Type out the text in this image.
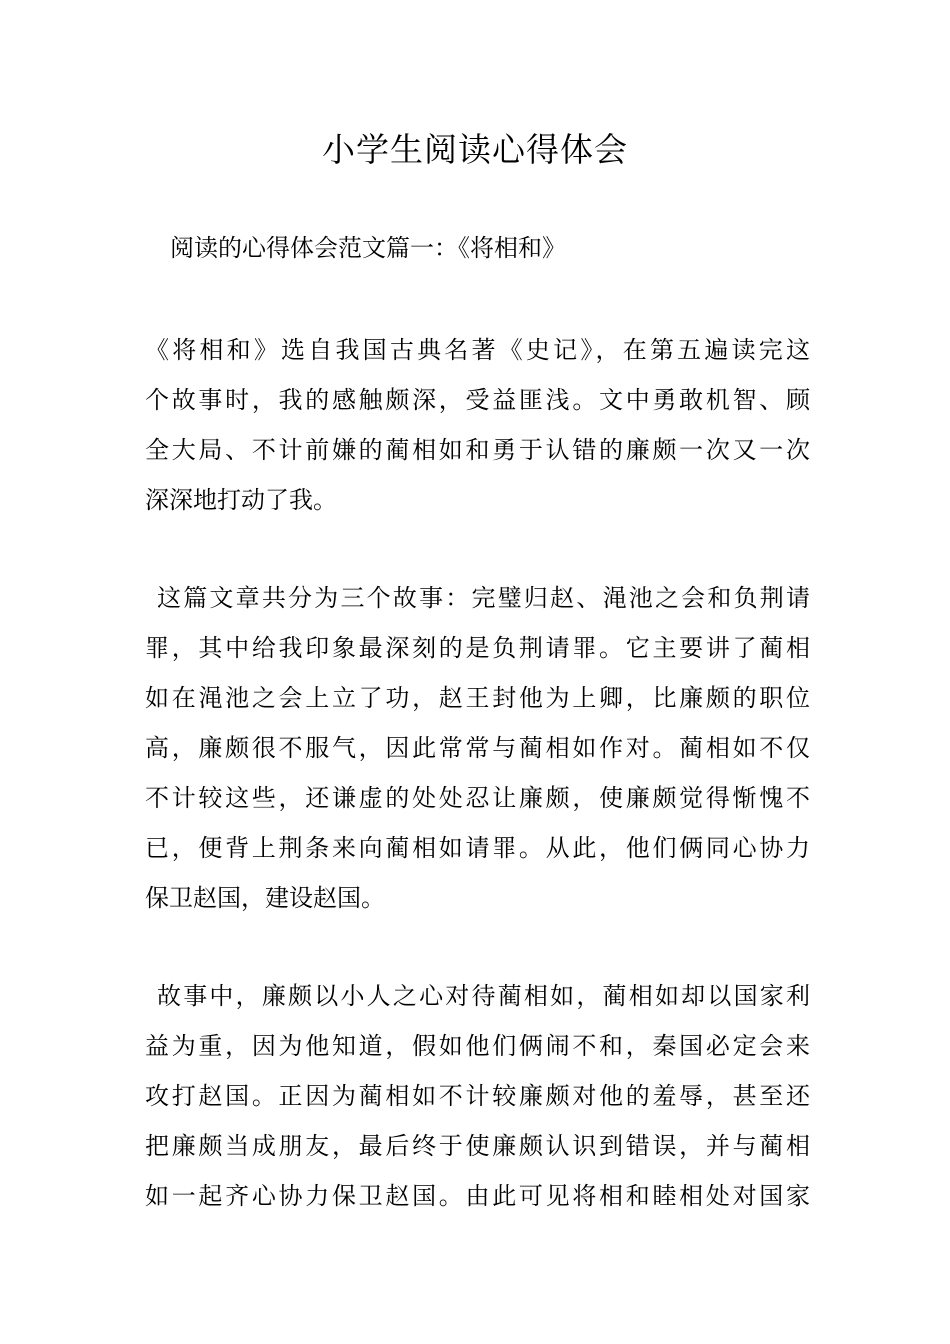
小学生阅读心得体会
阅读的心得体会范文篇一：《将相和》
《将相和》选自我国古典名著《史记》，在第五遍读完这
个故事时，我的感触颇深，受益匪浅。文中勇敢机智、顾
全大局、不计前嫌的蔺相如和勇于认错的廉颇一次又一次
深深地打动了我。
这篇文章共分为三个故事：完璧归赵、渑池之会和负荆请
罪，其中给我印象最深刻的是负荆请罪。它主要讲了蔺相
如在渑池之会上立了功，赵王封他为上卿，比廉颇的职位
高，廉颇很不服气，因此常常与蔺相如作对。蔺相如不仅
不计较这些，还谦虚的处处忍让廉颇，使廉颇觉得惭愧不
已，便背上荆条来向蔺相如请罪。从此，他们俩同心协力
保卫赵国，建设赵国。
故事中，廉颇以小人之心对待蔺相如，蔺相如却以国家利
益为重，因为他知道，假如他们俩闹不和，秦国必定会来
攻打赵国。正因为蔺相如不计较廉颇对他的羞辱，甚至还
把廉颇当成朋友，最后终于使廉颇认识到错误，并与蔺相
如一起齐心协力保卫赵国。由此可见将相和睦相处对国家
